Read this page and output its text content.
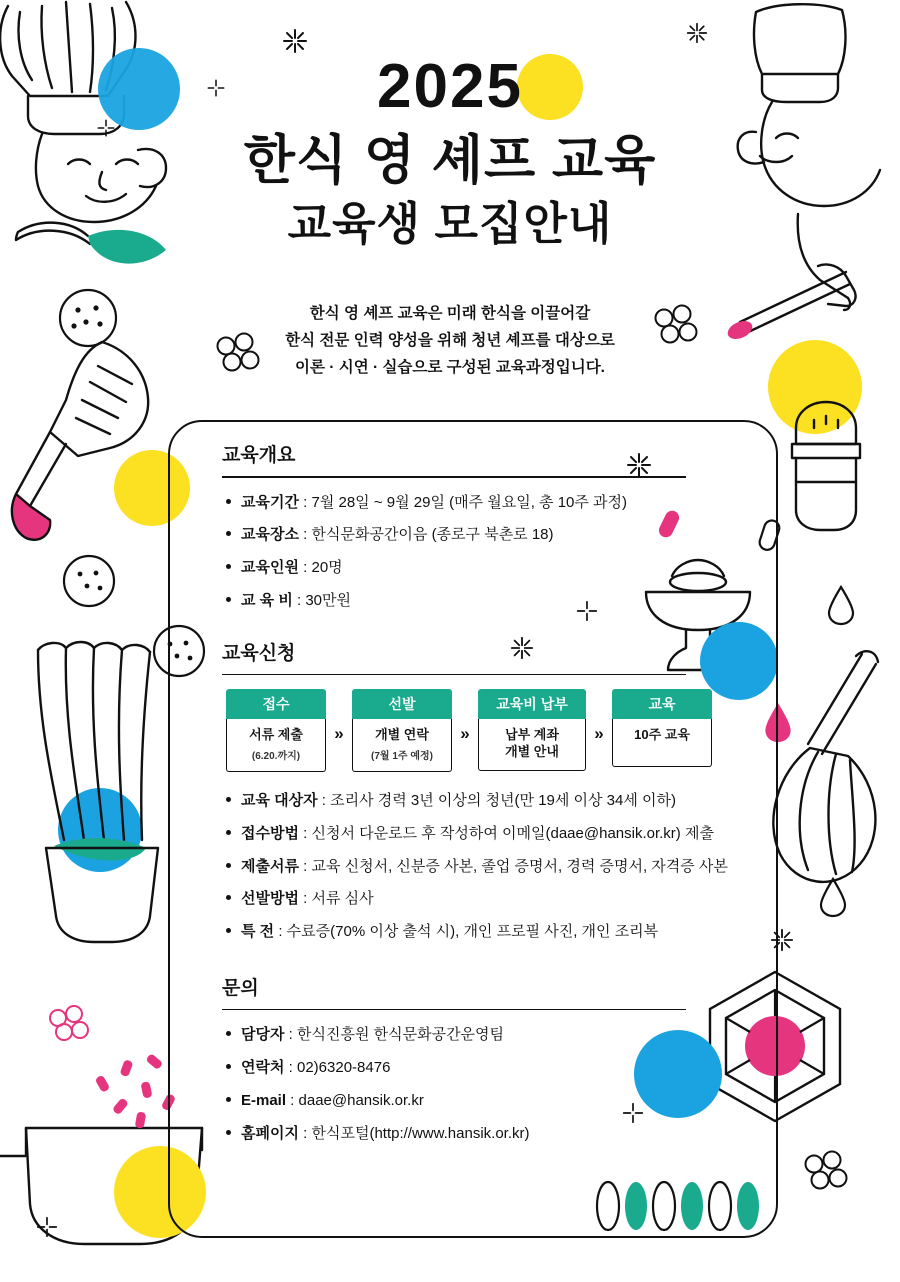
2025
한식 영 셰프 교육
교육생 모집안내
한식 영 셰프 교육은 미래 한식을 이끌어갈
한식 전문 인력 양성을 위해 청년 셰프를 대상으로
이론 · 시연 · 실습으로 구성된 교육과정입니다.
교육개요
교육기간 : 7월 28일 ~ 9월 29일 (매주 월요일, 총 10주 과정)
교육장소 : 한식문화공간이음 (종로구 북촌로 18)
교육인원 : 20명
교 육 비 : 30만원
교육신청
접수
서류 제출
(6.20.까지)
»
선발
개별 연락
(7월 1주 예정)
»
교육비 납부
납부 계좌
개별 안내
»
교육
10주 교육
교육 대상자 : 조리사 경력 3년 이상의 청년(만 19세 이상 34세 이하)
접수방법 : 신청서 다운로드 후 작성하여 이메일(daae@hansik.or.kr) 제출
제출서류 : 교육 신청서, 신분증 사본, 졸업 증명서, 경력 증명서, 자격증 사본
선발방법 : 서류 심사
특 전 : 수료증(70% 이상 출석 시), 개인 프로필 사진, 개인 조리복
문의
담당자 : 한식진흥원 한식문화공간운영팀
연락처 : 02)6320-8476
E-mail : daae@hansik.or.kr
홈페이지 : 한식포털(http://www.hansik.or.kr)
